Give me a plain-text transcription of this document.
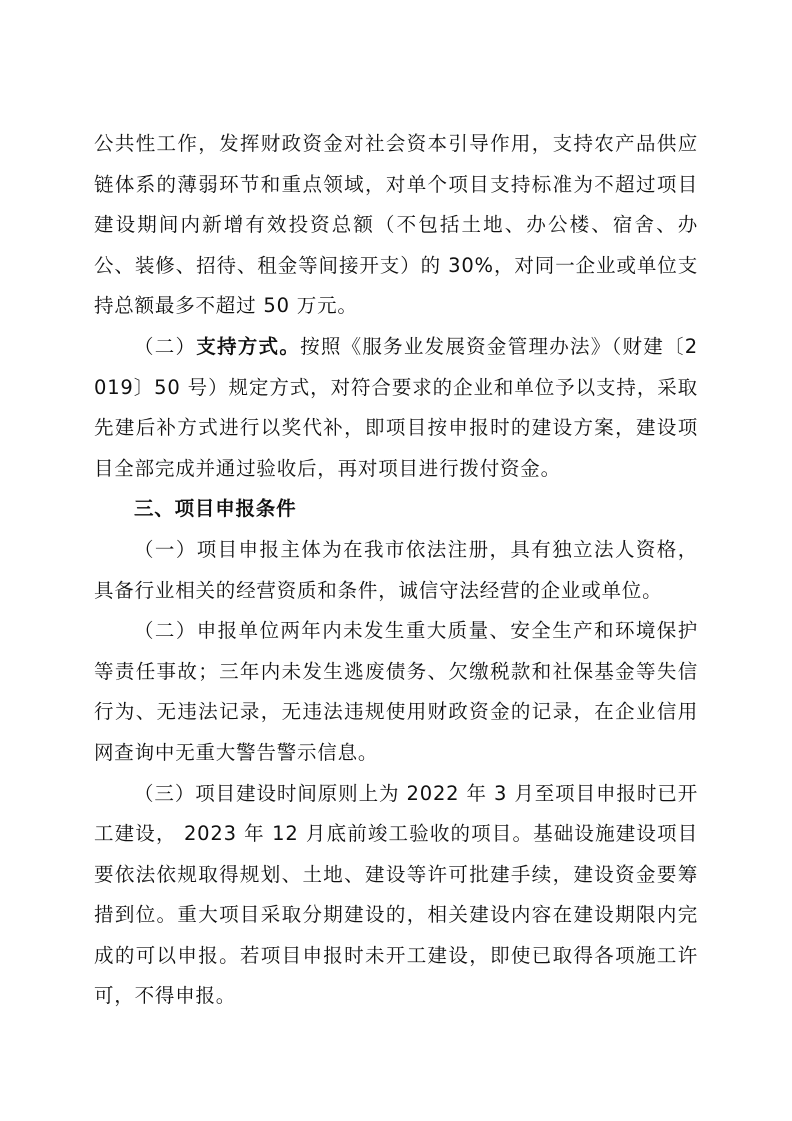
公共性工作，发挥财政资金对社会资本引导作用，支持农产品供应链体系的薄弱环节和重点领域，对单个项目支持标准为不超过项目建设期间内新增有效投资总额（不包括土地、办公楼、宿舍、办公、装修、招待、租金等间接开支）的 30%，对同一企业或单位支持总额最多不超过 50 万元。

（二）支持方式。按照《服务业发展资金管理办法》（财建〔2019〕50 号）规定方式，对符合要求的企业和单位予以支持，采取先建后补方式进行以奖代补，即项目按申报时的建设方案，建设项目全部完成并通过验收后，再对项目进行拨付资金。

三、项目申报条件

（一）项目申报主体为在我市依法注册，具有独立法人资格，具备行业相关的经营资质和条件，诚信守法经营的企业或单位。

（二）申报单位两年内未发生重大质量、安全生产和环境保护等责任事故；三年内未发生逃废债务、欠缴税款和社保基金等失信行为、无违法记录，无违法违规使用财政资金的记录，在企业信用网查询中无重大警告警示信息。

（三）项目建设时间原则上为 2022 年 3 月至项目申报时已开工建设， 2023 年 12 月底前竣工验收的项目。基础设施建设项目要依法依规取得规划、土地、建设等许可批建手续，建设资金要筹措到位。重大项目采取分期建设的，相关建设内容在建设期限内完成的可以申报。若项目申报时未开工建设，即使已取得各项施工许可，不得申报。
